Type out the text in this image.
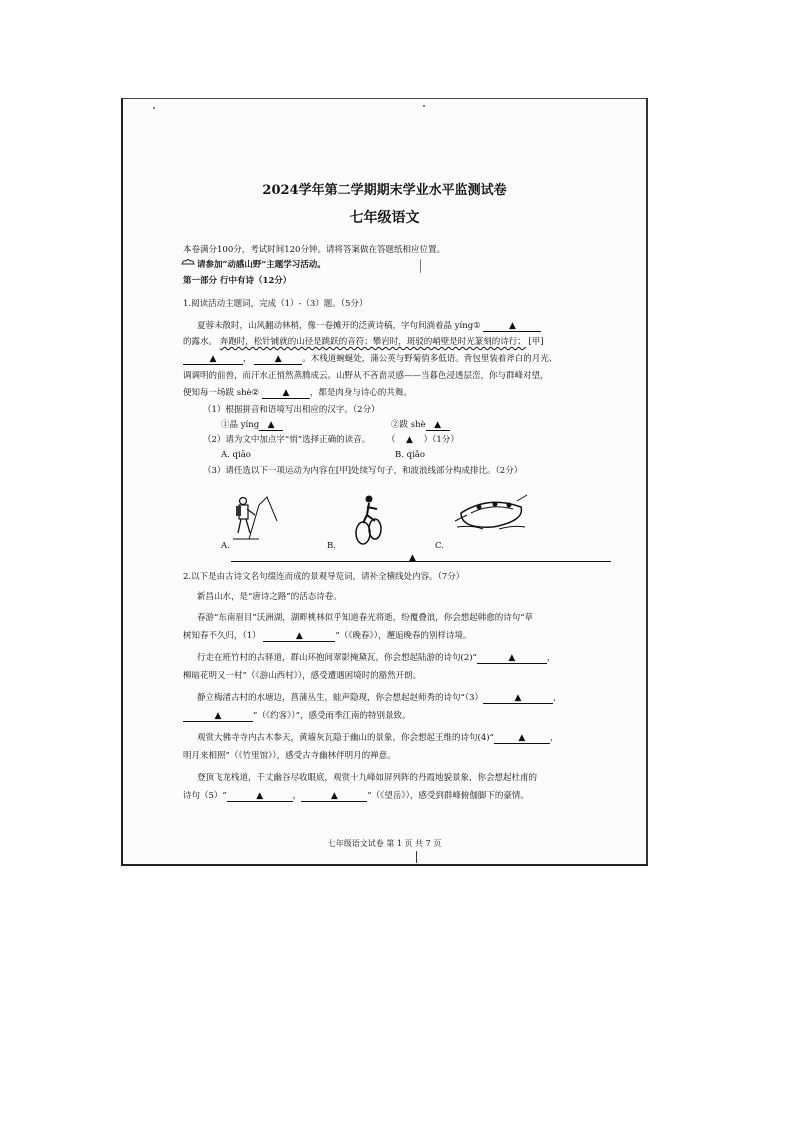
2024学年第二学期期末学业水平监测试卷
七年级语文
本卷满分100分，考试时间120分钟。请将答案做在答题纸相应位置。
请参加“动感山野”主题学习活动。
第一部分 行中有诗（12分）
1.阅读活动主题词，完成（1）-（3）题。（5分）
夏蓉未散时，山风翻动林梢，像一卷摊开的泛黄诗稿，字句间淌着晶 yíng①	▲
的露水。 奔跑时，松针铺就的山径是跳跃的音符；攀岩时，斑驳的峭壁是时光篆刻的诗行； [甲]
▲	， ▲ 。木栈道蜿蜒处，蒲公英与野菊俏多低语。背包里装着斧白的月光、
调调明的前兽，而汗水正悄然蒸腾成云。山野从不吝啬灵感——当暮色浸透层峦，你与群峰对望，
便知每一场跋 shè②	▲ ，都是肉身与诗心的共舞。
（1）根据拼音和语境写出相应的汉字。（2分）
①晶 yíng ▲	②跋 shè ▲
（2）请为文中加点字“悄”选择正确的读音。 （ ▲ ）（1分）
A. qiāo	B. qiǎo
（3）请任选以下一项运动为内容在[甲]处续写句子，和波浪线部分构成排比。（2分）
A.	B.	C.
▲
2.以下是由古诗文名句缀连而成的景观导览词，请补全横线处内容。（7分）
新昌山水，是“唐诗之路”的活态诗卷。
春游“东南眉目”沃洲湖，湖畔桃林似乎知道春光将逝，纷覆叠浪，你会想起韩愈的诗句“草
树知春不久归，（1）	▲	”（《晚春》），邂逅晚春的别样诗境。
行走在班竹村的古驿道，群山环抱间翠影掩黛瓦，你会想起陆游的诗句(2)“	▲	，
柳暗花明又一村”（《游山西村》），感受遭遇困境时的豁然开朗。
静立梅渚古村的水塘边，菖蒲丛生，蛙声隐现，你会想起赵师秀的诗句“（3）	▲	，
▲	”（《约客》）”，感受雨季江南的特别景致。
观赏大佛寺寺内古木参天，黄墙灰瓦隐于幽山的景象，你会想起王维的诗句(4)“	▲	，
明月来相照”（《竹里馆》），感受古寺幽林伴明月的禅意。
登顶飞龙栈道，千丈幽谷尽收眼底，观赏十九峰如屏列阵的丹霞地貌景象，你会想起杜甫的
诗句（5）“	▲	，	▲	”（《望岳》），感受到群峰俯伽脚下的豪情。
七年级语文试卷 第 1 页 共 7 页
